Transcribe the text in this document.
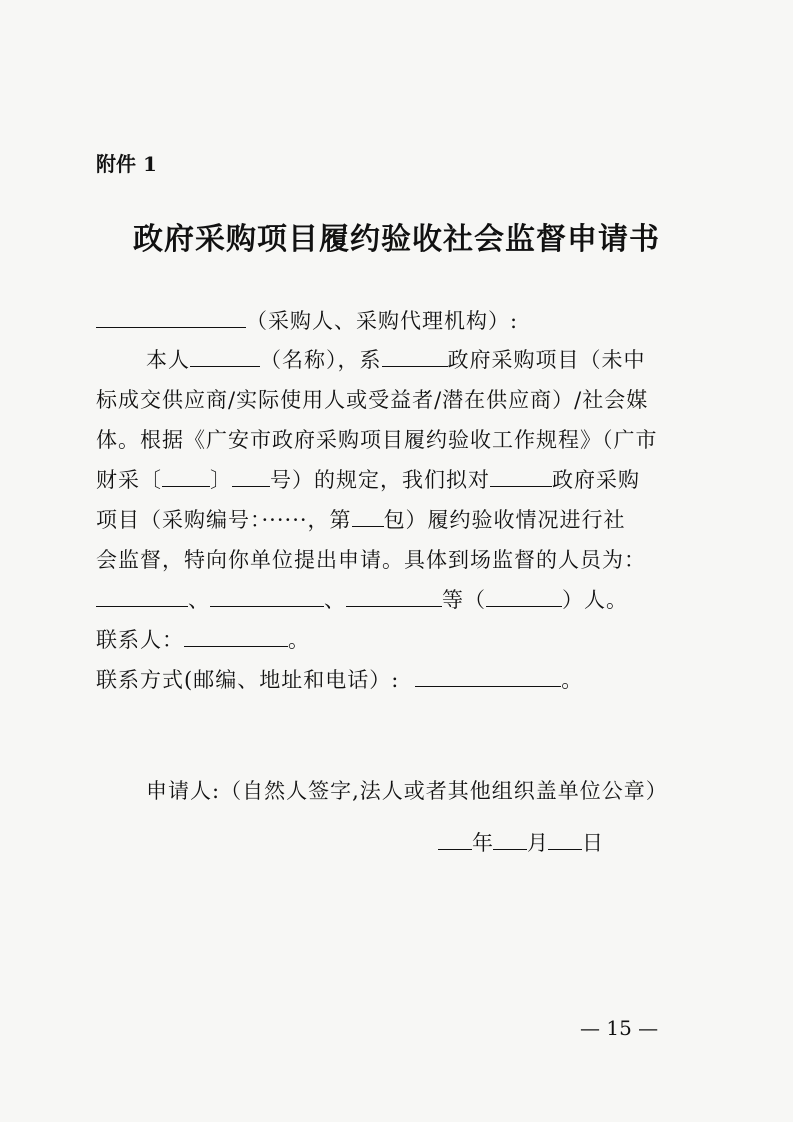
附件 1
政府采购项目履约验收社会监督申请书
（采购人、采购代理机构）:
本人	（名称），系	政府采购项目（未中
标成交供应商/实际使用人或受益者/潜在供应商）/社会媒
体。根据《广安市政府采购项目履约验收工作规程》（广市
财采〔 〕 号）的规定，我们拟对	政府采购
项目（采购编号：······，第 包）履约验收情况进行社
会监督，特向你单位提出申请。具体到场监督的人员为：
、	、	等（	）人。
联系人：	。
联系方式(邮编、地址和电话）:	。
申请人:（自然人签字,法人或者其他组织盖单位公章）
年 月 日
— 15 —
